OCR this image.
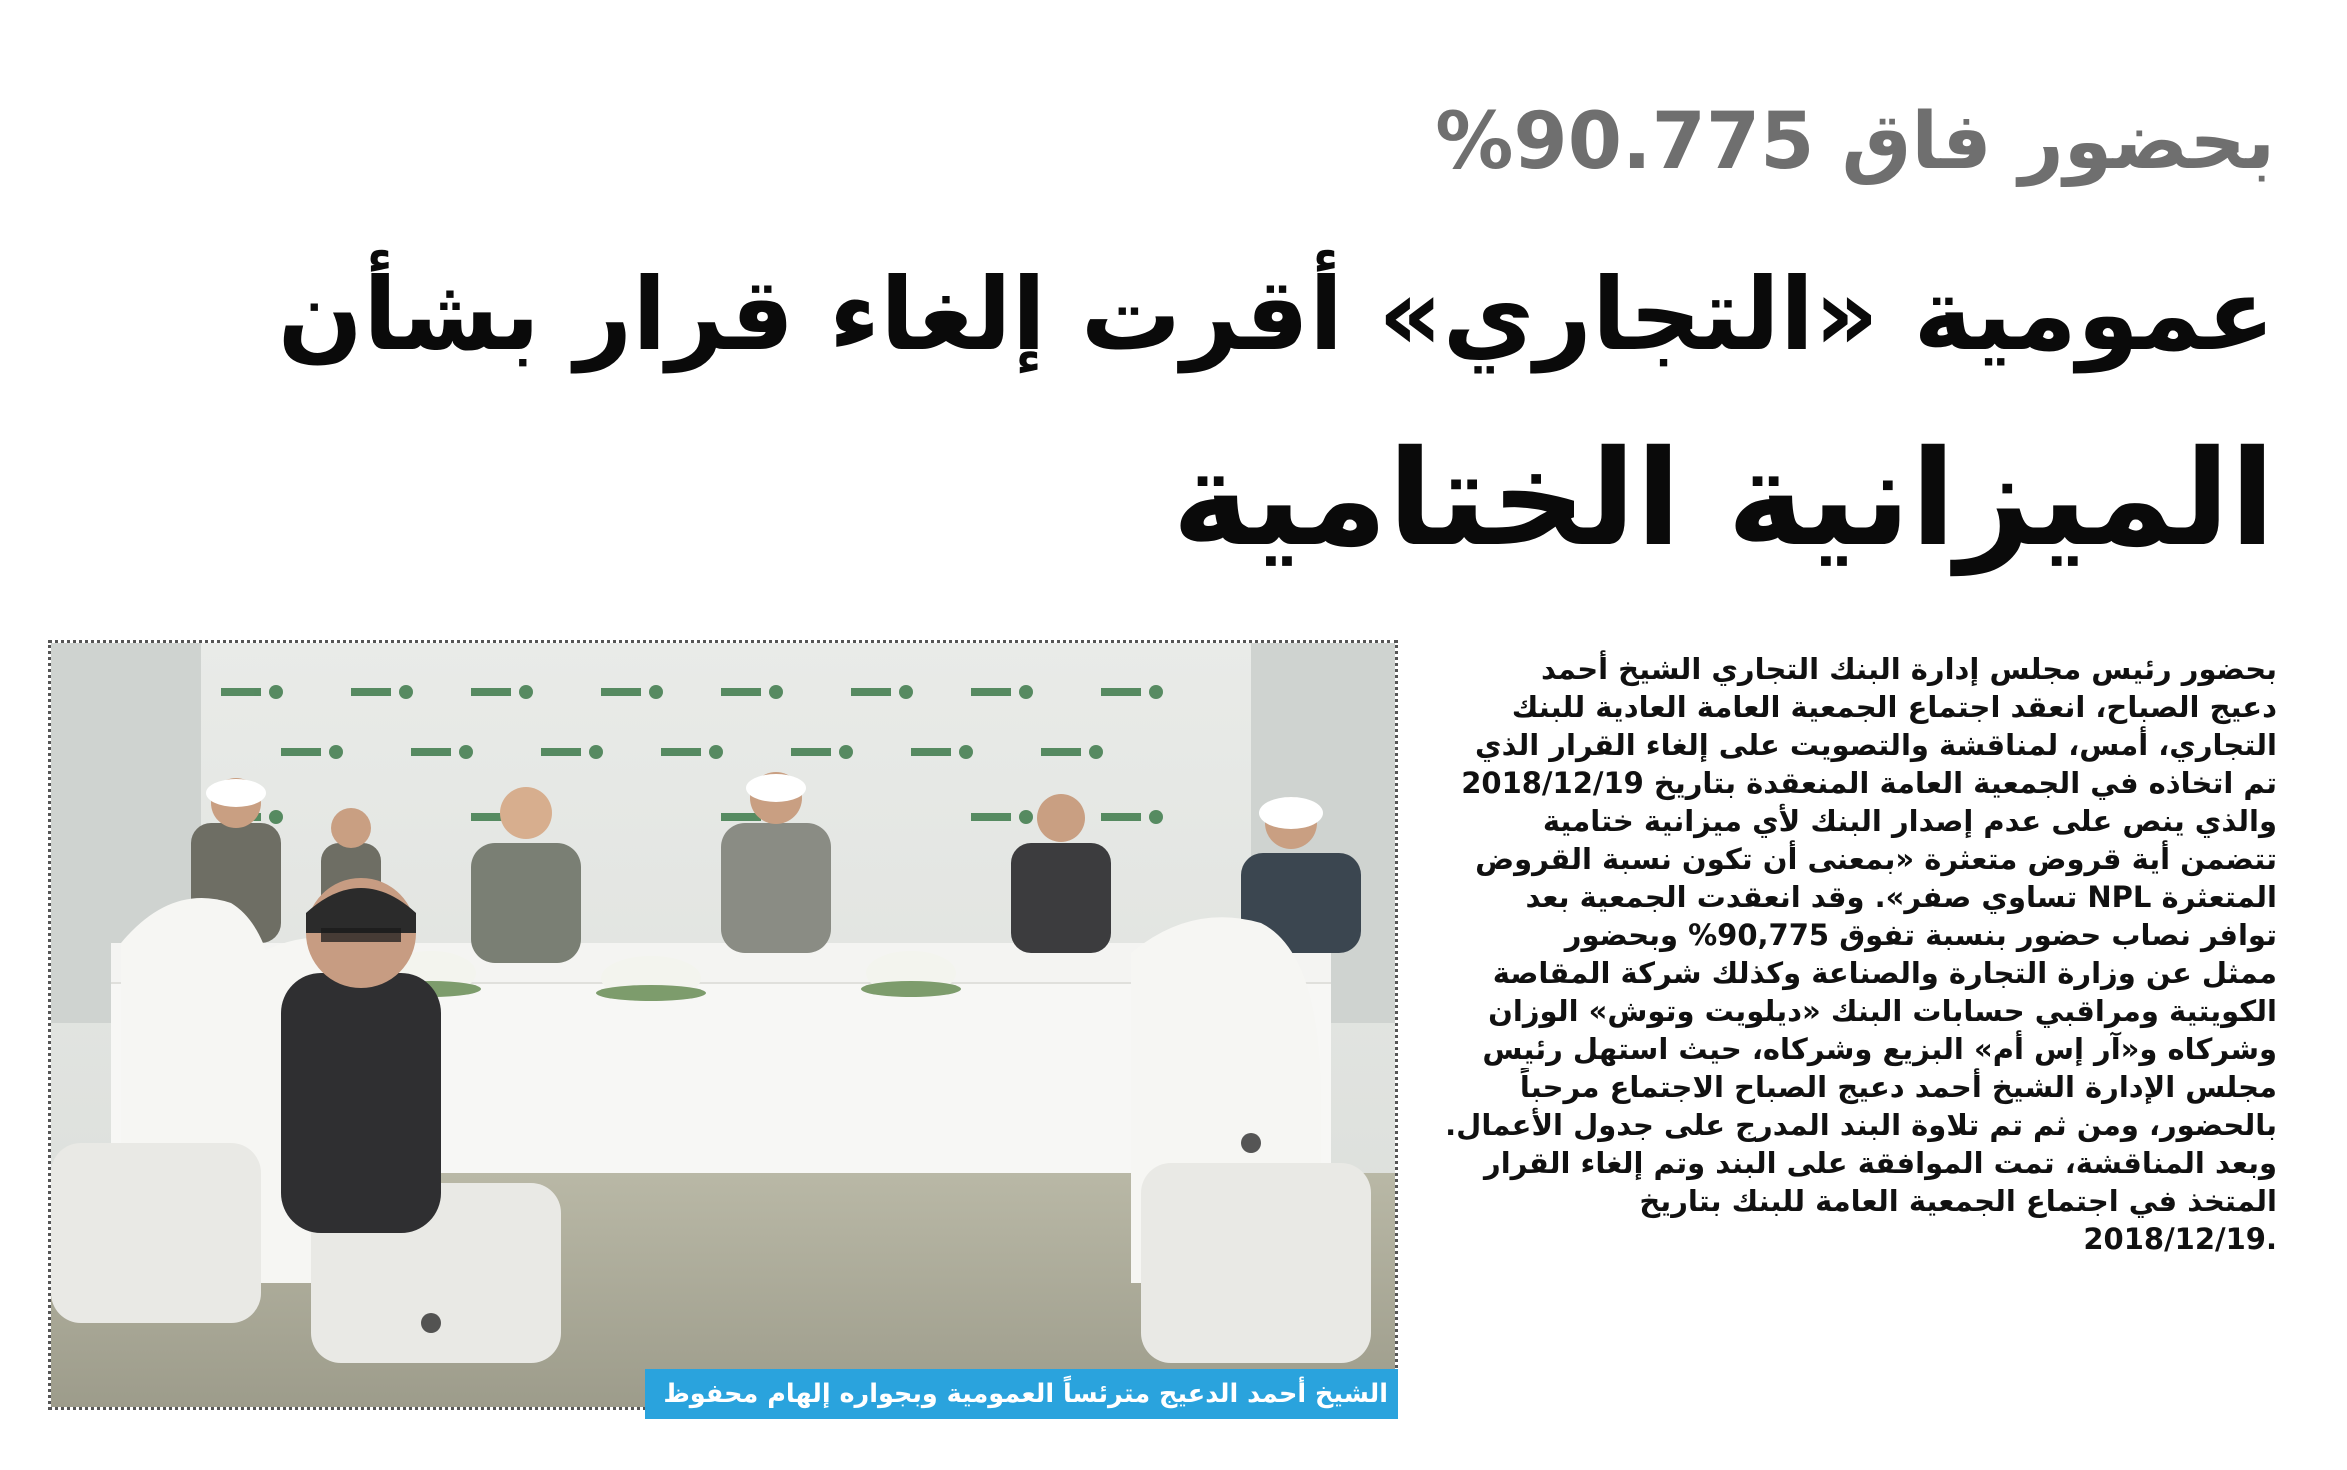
بحضور فاق 90.775%
عمومية «التجاري» أقرت إلغاء قرار بشأن
الميزانية الختامية
الشيخ أحمد الدعيج مترئساً العمومية وبجواره إلهام محفوظ
بحضور رئيس مجلس إدارة البنك التجاري الشيخ أحمد
دعيج الصباح، انعقد اجتماع الجمعية العامة العادية للبنك
التجاري، أمس، لمناقشة والتصويت على إلغاء القرار الذي
تم اتخاذه في الجمعية العامة المنعقدة بتاريخ 2018/12/19
والذي ينص على عدم إصدار البنك لأي ميزانية ختامية
تتضمن أية قروض متعثرة «بمعنى أن تكون نسبة القروض
المتعثرة NPL تساوي صفر». وقد انعقدت الجمعية بعد
توافر نصاب حضور بنسبة تفوق 90,775% وبحضور
ممثل عن وزارة التجارة والصناعة وكذلك شركة المقاصة
الكويتية ومراقبي حسابات البنك «ديلويت وتوش» الوزان
وشركاه و«آر إس أم» البزيع وشركاه، حيث استهل رئيس
مجلس الإدارة الشيخ أحمد دعيج الصباح الاجتماع مرحباً
بالحضور، ومن ثم تم تلاوة البند المدرج على جدول الأعمال.
وبعد المناقشة، تمت الموافقة على البند وتم إلغاء القرار
المتخذ في اجتماع الجمعية العامة للبنك بتاريخ
.2018/12/19
